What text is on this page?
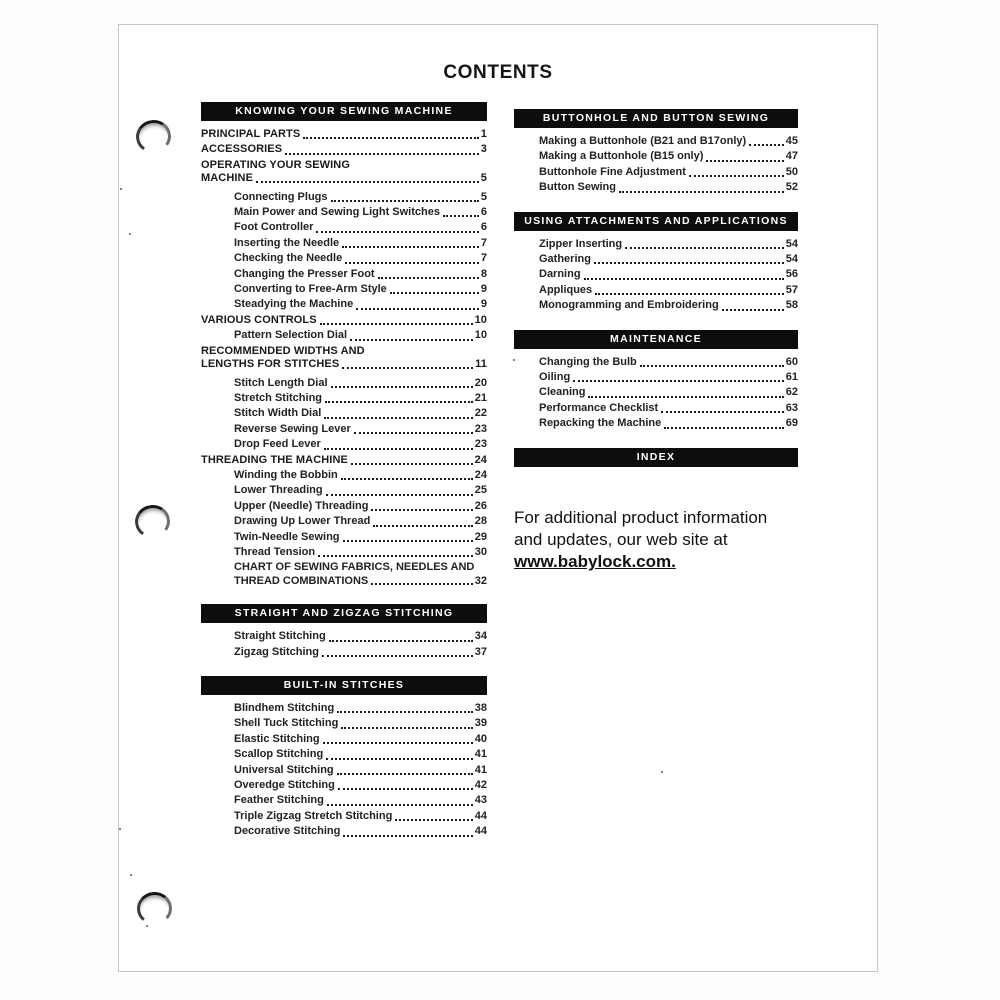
CONTENTS
KNOWING YOUR SEWING MACHINE
PRINCIPAL PARTS	1
ACCESSORIES	3
OPERATING YOUR SEWING
MACHINE	5
Connecting Plugs	5
Main Power and Sewing Light Switches	6
Foot Controller	6
Inserting the Needle	7
Checking the Needle	7
Changing the Presser Foot	8
Converting to Free-Arm Style	9
Steadying the Machine	9
VARIOUS CONTROLS	10
Pattern Selection Dial	10
RECOMMENDED WIDTHS AND
LENGTHS FOR STITCHES	11
Stitch Length Dial	20
Stretch Stitching	21
Stitch Width Dial	22
Reverse Sewing Lever	23
Drop Feed Lever	23
THREADING THE MACHINE	24
Winding the Bobbin	24
Lower Threading	25
Upper (Needle) Threading	26
Drawing Up Lower Thread	28
Twin-Needle Sewing	29
Thread Tension	30
CHART OF SEWING FABRICS, NEEDLES AND
THREAD COMBINATIONS	32
STRAIGHT AND ZIGZAG STITCHING
Straight Stitching	34
Zigzag Stitching	37
BUILT-IN STITCHES
Blindhem Stitching	38
Shell Tuck Stitching	39
Elastic Stitching	40
Scallop Stitching	41
Universal Stitching	41
Overedge Stitching	42
Feather Stitching	43
Triple Zigzag Stretch Stitching	44
Decorative Stitching	44
BUTTONHOLE AND BUTTON SEWING
Making a Buttonhole (B21 and B17only)	45
Making a Buttonhole (B15 only)	47
Buttonhole Fine Adjustment	50
Button Sewing	52
USING ATTACHMENTS AND APPLICATIONS
Zipper Inserting	54
Gathering	54
Darning	56
Appliques	57
Monogramming and Embroidering	58
MAINTENANCE
Changing the Bulb	60
Oiling	61
Cleaning	62
Performance Checklist	63
Repacking the Machine	69
INDEX
For additional product information
and updates, our web site at
www.babylock.com.
